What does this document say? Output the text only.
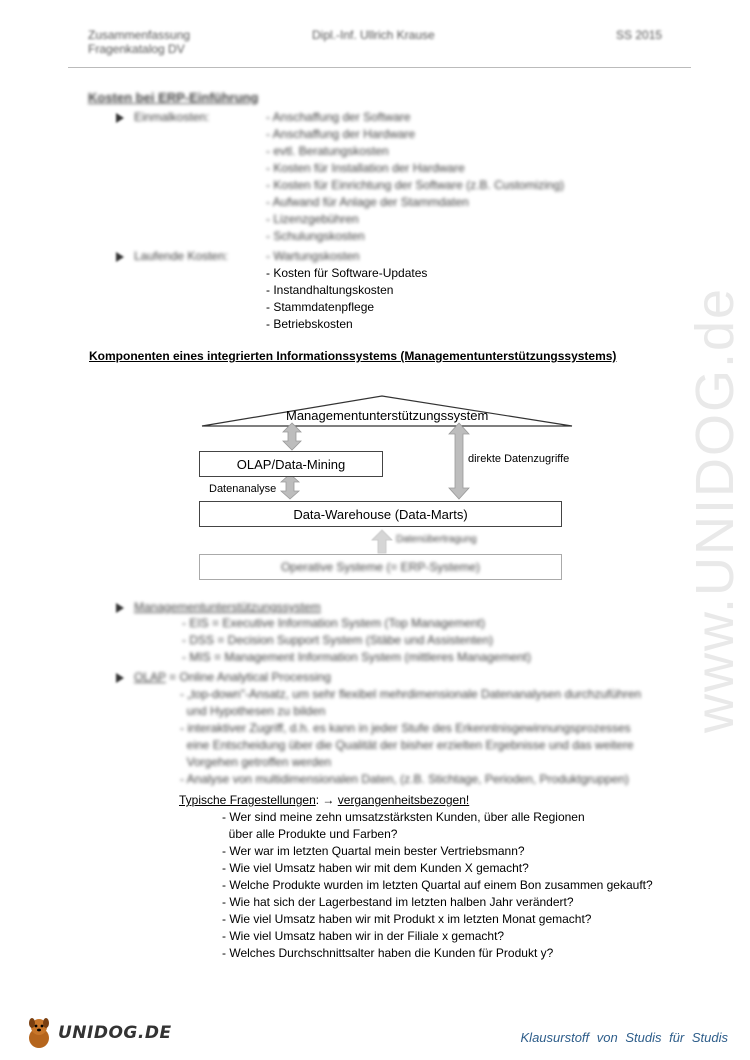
Zusammenfassung
Fragenkatalog DV
Dipl.-Inf. Ullrich Krause	SS 2015
www.UNIDOG.de
Kosten bei ERP-Einführung
Einmalkosten:	- Anschaffung der Software
- Anschaffung der Hardware
- evtl. Beratungskosten
- Kosten für Installation der Hardware
- Kosten für Einrichtung der Software (z.B. Customizing)
- Aufwand für Anlage der Stammdaten
- Lizenzgebühren
- Schulungskosten
Laufende Kosten:	- Wartungskosten
- Kosten für Software-Updates
- Instandhaltungskosten
- Stammdatenpflege
- Betriebskosten
Komponenten eines integrierten Informationssystems (Managementunterstützungssystems)
Managementunterstützungssystem
OLAP/Data-Mining	direkte Datenzugriffe
Datenanalyse
Data-Warehouse (Data-Marts)
Datenübertragung
Operative Systeme (= ERP-Systeme)
Managementunterstützungssystem
- EIS = Executive Information System (Top Management)
- DSS = Decision Support System (Stäbe und Assistenten)
- MIS = Management Information System (mittleres Management)
OLAP = Online Analytical Processing
- „top-down"-Ansatz, um sehr flexibel mehrdimensionale Datenanalysen durchzuführen
und Hypothesen zu bilden
- interaktiver Zugriff, d.h. es kann in jeder Stufe des Erkenntnisgewinnungsprozesses
eine Entscheidung über die Qualität der bisher erzielten Ergebnisse und das weitere
Vorgehen getroffen werden
- Analyse von multidimensionalen Daten, (z.B. Stichtage, Perioden, Produktgruppen)
Typische Fragestellungen: → vergangenheitsbezogen!
- Wer sind meine zehn umsatzstärksten Kunden, über alle Regionen
über alle Produkte und Farben?
- Wer war im letzten Quartal mein bester Vertriebsmann?
- Wie viel Umsatz haben wir mit dem Kunden X gemacht?
- Welche Produkte wurden im letzten Quartal auf einem Bon zusammen gekauft?
- Wie hat sich der Lagerbestand im letzten halben Jahr verändert?
- Wie viel Umsatz haben wir mit Produkt x im letzten Monat gemacht?
- Wie viel Umsatz haben wir in der Filiale x gemacht?
- Welches Durchschnittsalter haben die Kunden für Produkt y?
UNIDOG.DE	Klausurstoff von Studis für Studis
